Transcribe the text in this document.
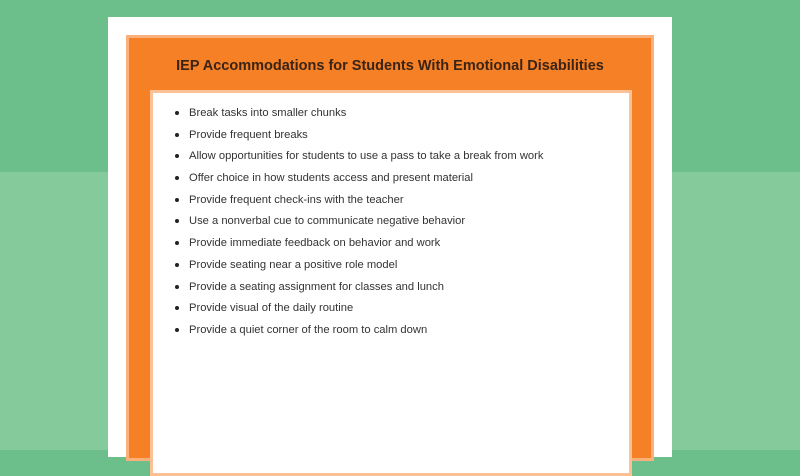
IEP Accommodations for Students With Emotional Disabilities
Break tasks into smaller chunks
Provide frequent breaks
Allow opportunities for students to use a pass to take a break from work
Offer choice in how students access and present material
Provide frequent check-ins with the teacher
Use a nonverbal cue to communicate negative behavior
Provide immediate feedback on behavior and work
Provide seating near a positive role model
Provide a seating assignment for classes and lunch
Provide visual of the daily routine
Provide a quiet corner of the room to calm down
